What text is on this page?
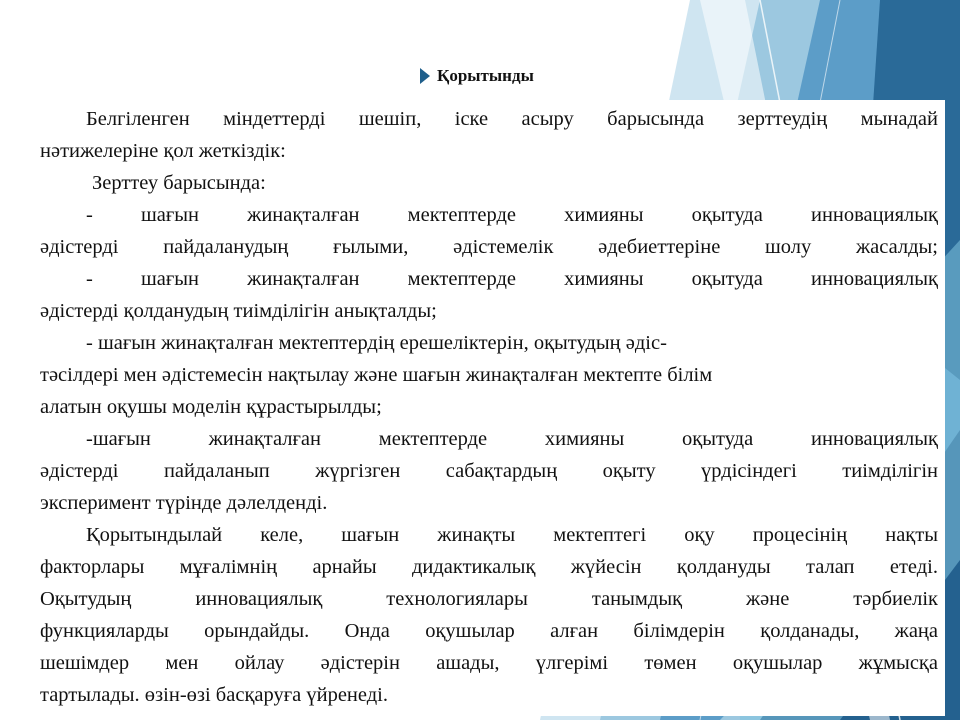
Қорытынды
Белгіленген міндеттерді шешіп, іске асыру барысында зерттеудің мынадай
нәтижелеріне қол жеткіздік:
Зерттеу барысында:
- шағын жинақталған мектептерде химияны оқытуда инновациялық
әдістерді пайдаланудың ғылыми, әдістемелік әдебиеттеріне шолу жасалды;
- шағын жинақталған мектептерде химияны оқытуда инновациялық
әдістерді қолданудың тиімділігін анықталды;
- шағын жинақталған мектептердің ерешеліктерін, оқытудың әдіс-
тәсілдері мен әдістемесін нақтылау және шағын жинақталған мектепте білім
алатын оқушы моделін құрастырылды;
-шағын жинақталған мектептерде химияны оқытуда инновациялық
әдістерді пайдаланып жүргізген сабақтардың оқыту үрдісіндегі тиімділігін
эксперимент түрінде дәлелденді.
Қорытындылай келе, шағын жинақты мектептегі оқу процесінің нақты
факторлары мұғалімнің арнайы дидактикалық жүйесін қолдануды талап етеді.
Оқытудың инновациялық технологиялары танымдық және тәрбиелік
функцияларды орындайды. Онда оқушылар алған білімдерін қолданады, жаңа
шешімдер мен ойлау әдістерін ашады, үлгерімі төмен оқушылар жұмысқа
тартылады. өзін-өзі басқаруға үйренеді.
